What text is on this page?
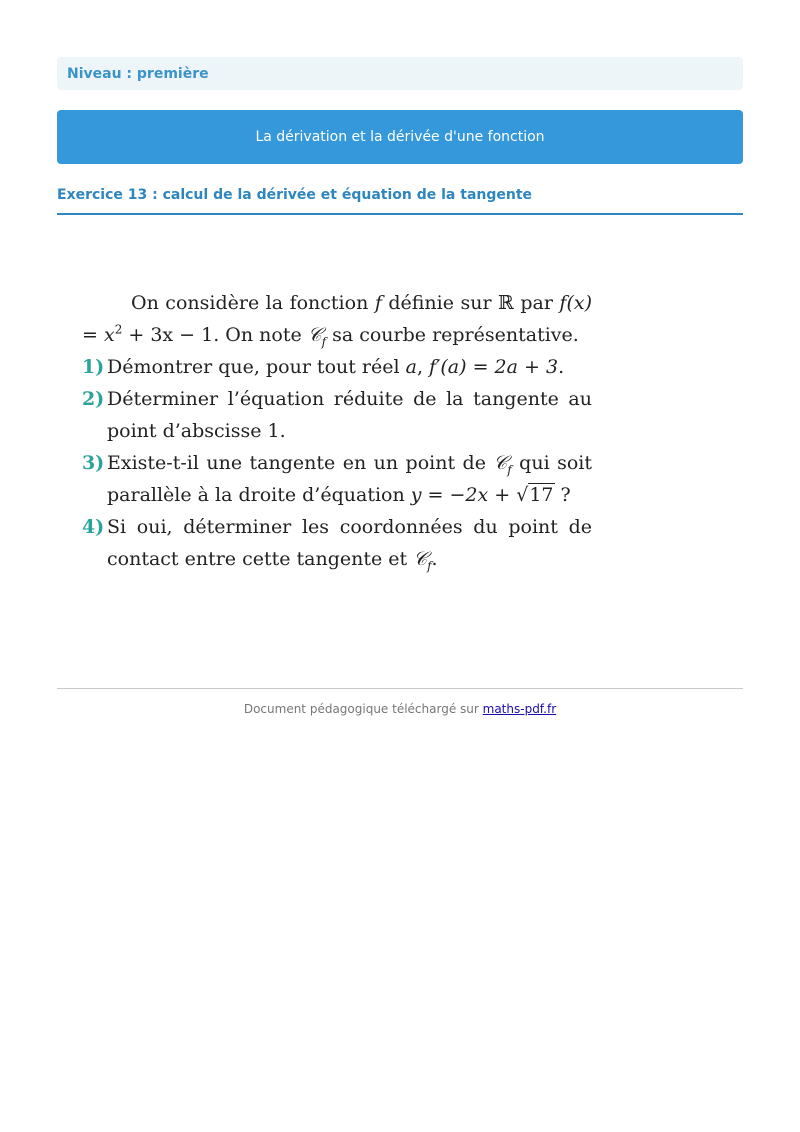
Niveau : première
La dérivation et la dérivée d'une fonction
Exercice 13 : calcul de la dérivée et équation de la tangente

On considère la fonction f définie sur ℝ par $f(x) = x^2 + 3x - 1$. On note 𝒞$_f$ sa courbe représentative.

1) Démontrer que, pour tout réel a, f′(a) = 2a + 3.
2) Déterminer l’équation réduite de la tangente au point d’abscisse 1.
3) Existe-t-il une tangente en un point de 𝒞$_f$ qui soit parallèle à la droite d’équation y = −2x + √17 ?
4) Si oui, déterminer les coordonnées du point de contact entre cette tangente et 𝒞$_f$.
Document pédagogique téléchargé sur maths-pdf.fr
